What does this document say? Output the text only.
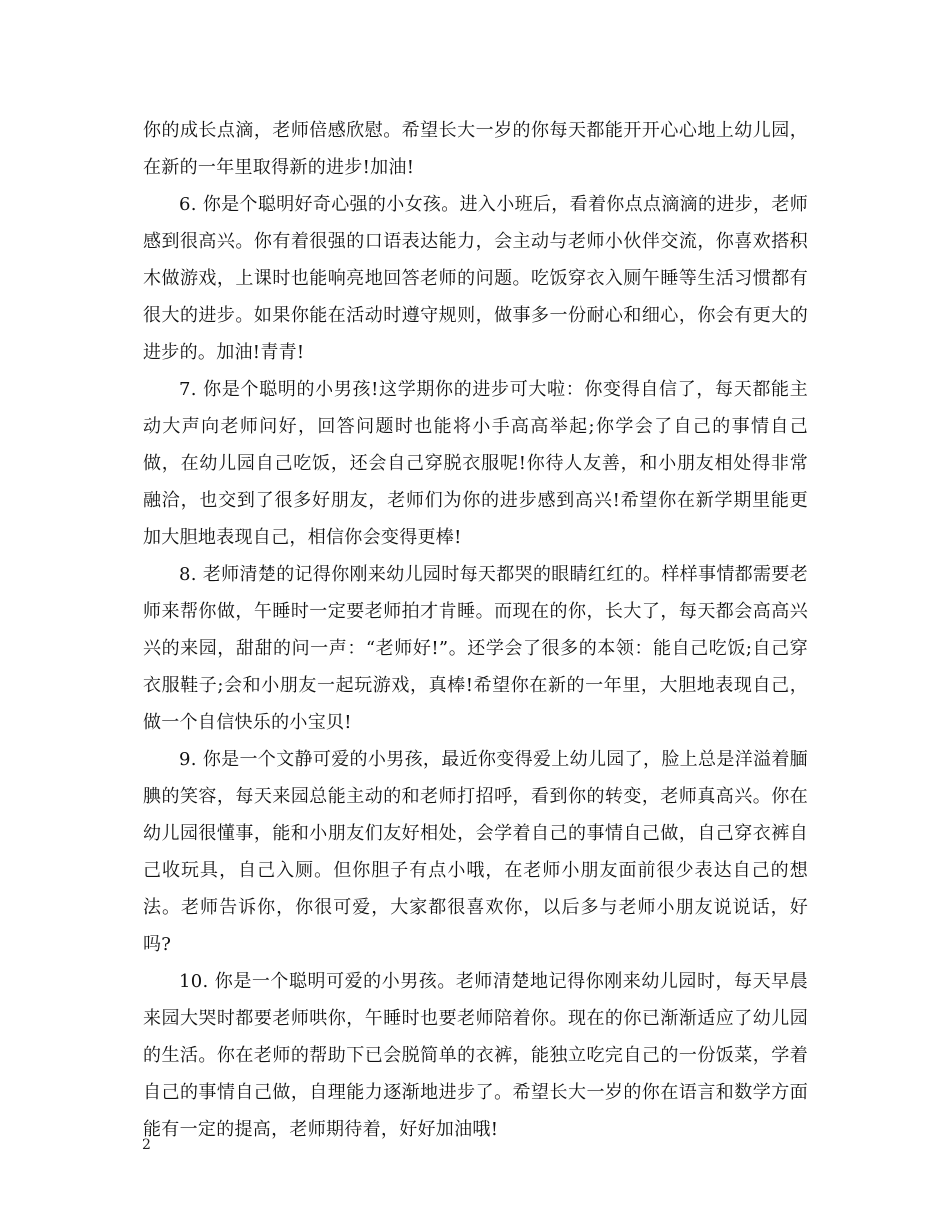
你的成长点滴，老师倍感欣慰。希望长大一岁的你每天都能开开心心地上幼儿园，在新的一年里取得新的进步!加油!

6. 你是个聪明好奇心强的小女孩。进入小班后，看着你点点滴滴的进步，老师感到很高兴。你有着很强的口语表达能力，会主动与老师小伙伴交流，你喜欢搭积木做游戏，上课时也能响亮地回答老师的问题。吃饭穿衣入厕午睡等生活习惯都有很大的进步。如果你能在活动时遵守规则，做事多一份耐心和细心，你会有更大的进步的。加油!青青!

7. 你是个聪明的小男孩!这学期你的进步可大啦：你变得自信了，每天都能主动大声向老师问好，回答问题时也能将小手高高举起;你学会了自己的事情自己做，在幼儿园自己吃饭，还会自己穿脱衣服呢!你待人友善，和小朋友相处得非常融洽，也交到了很多好朋友，老师们为你的进步感到高兴!希望你在新学期里能更加大胆地表现自己，相信你会变得更棒!

8. 老师清楚的记得你刚来幼儿园时每天都哭的眼睛红红的。样样事情都需要老师来帮你做，午睡时一定要老师拍才肯睡。而现在的你，长大了，每天都会高高兴兴的来园，甜甜的问一声：“老师好!”。还学会了很多的本领：能自己吃饭;自己穿衣服鞋子;会和小朋友一起玩游戏，真棒!希望你在新的一年里，大胆地表现自己，做一个自信快乐的小宝贝!

9. 你是一个文静可爱的小男孩，最近你变得爱上幼儿园了，脸上总是洋溢着腼腆的笑容，每天来园总能主动的和老师打招呼，看到你的转变，老师真高兴。你在幼儿园很懂事，能和小朋友们友好相处，会学着自己的事情自己做，自己穿衣裤自己收玩具，自己入厕。但你胆子有点小哦，在老师小朋友面前很少表达自己的想法。老师告诉你，你很可爱，大家都很喜欢你，以后多与老师小朋友说说话，好吗?

10. 你是一个聪明可爱的小男孩。老师清楚地记得你刚来幼儿园时，每天早晨来园大哭时都要老师哄你，午睡时也要老师陪着你。现在的你已渐渐适应了幼儿园的生活。你在老师的帮助下已会脱简单的衣裤，能独立吃完自己的一份饭菜，学着自己的事情自己做，自理能力逐渐地进步了。希望长大一岁的你在语言和数学方面能有一定的提高，老师期待着，好好加油哦!

2
